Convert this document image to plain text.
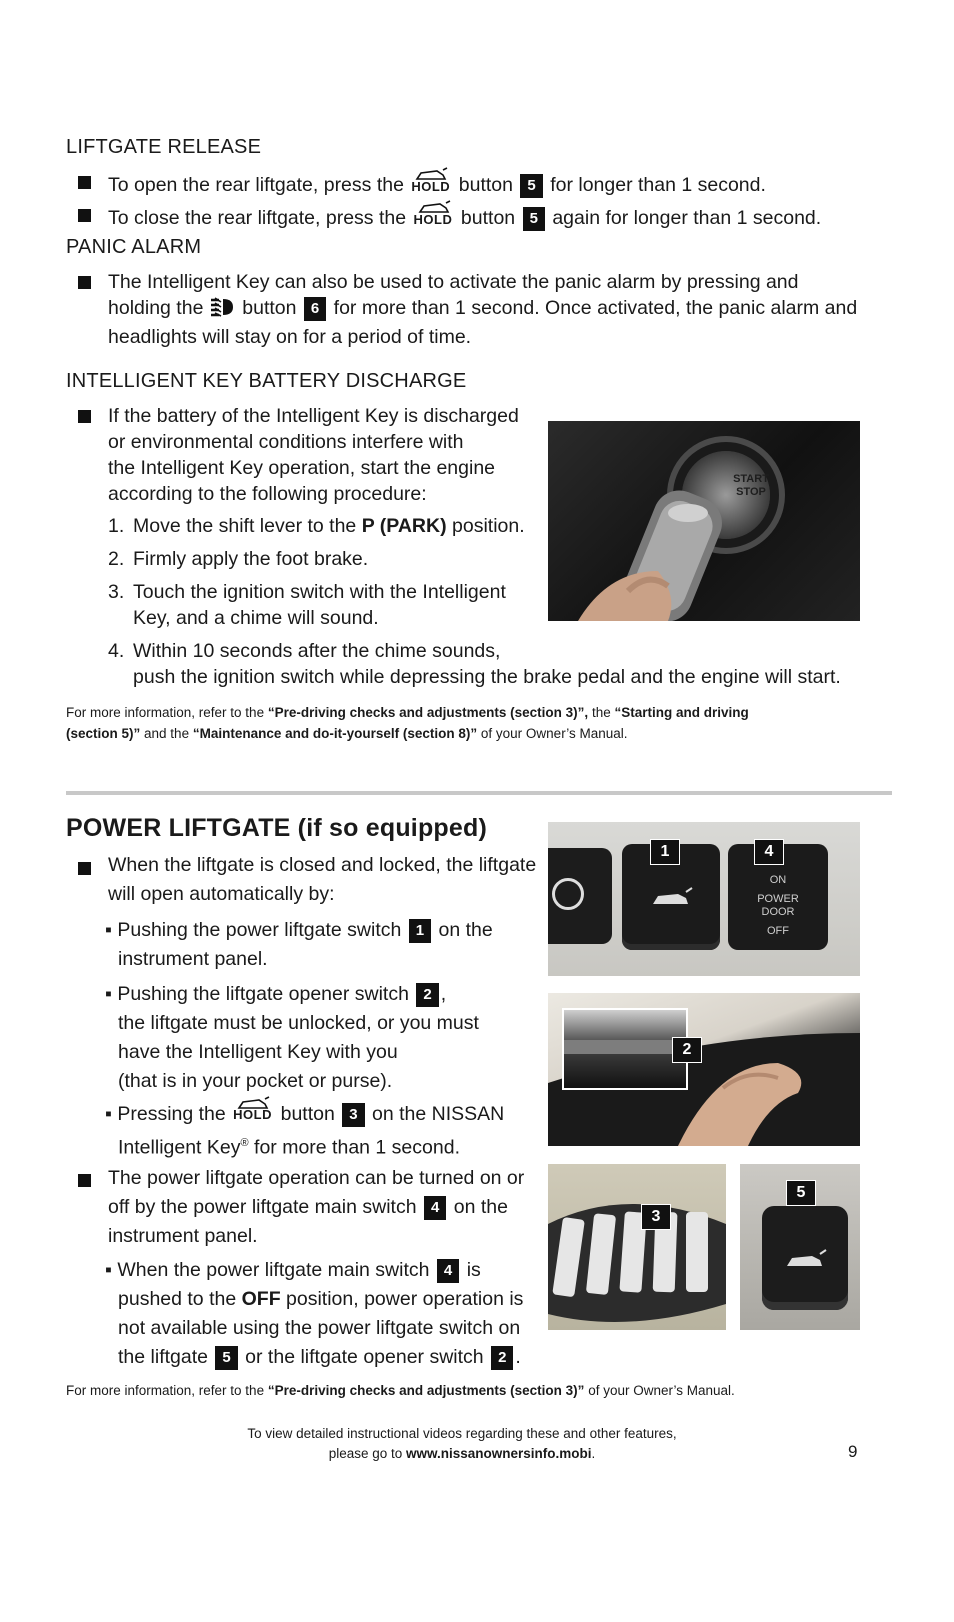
LIFTGATE RELEASE
To open the rear liftgate, press the HOLD button 5 for longer than 1 second.
To close the rear liftgate, press the HOLD button 5 again for longer than 1 second.
PANIC ALARM
The Intelligent Key can also be used to activate the panic alarm by pressing and
holding the button 6 for more than 1 second. Once activated, the panic alarm and
headlights will stay on for a period of time.
INTELLIGENT KEY BATTERY DISCHARGE
If the battery of the Intelligent Key is discharged
or environmental conditions interfere with
the Intelligent Key operation, start the engine
according to the following procedure:
1. Move the shift lever to the P (PARK) position.
2. Firmly apply the foot brake.
3. Touch the ignition switch with the Intelligent
Key, and a chime will sound.
4. Within 10 seconds after the chime sounds,
push the ignition switch while depressing the brake pedal and the engine will start.
START STOP
For more information, refer to the “Pre-driving checks and adjustments (section 3)”, the “Starting and driving
(section 5)” and the “Maintenance and do-it-yourself (section 8)” of your Owner’s Manual.
POWER LIFTGATE (if so equipped)
When the liftgate is closed and locked, the liftgate
will open automatically by:
▪ Pushing the power liftgate switch 1 on the
instrument panel.
▪ Pushing the liftgate opener switch 2 ,
the liftgate must be unlocked, or you must
have the Intelligent Key with you
(that is in your pocket or purse).
▪ Pressing the HOLD button 3 on the NISSAN
Intelligent Key® for more than 1 second.
The power liftgate operation can be turned on or
off by the power liftgate main switch 4 on the
instrument panel.
▪ When the power liftgate main switch 4 is
pushed to the OFF position, power operation is
not available using the power liftgate switch on
the liftgate 5 or the liftgate opener switch 2 .
For more information, refer to the “Pre-driving checks and adjustments (section 3)” of your Owner’s Manual.
ON
POWER
DOOR
OFF
1	4
2
3
5
To view detailed instructional videos regarding these and other features,
please go to www.nissanownersinfo.mobi.	9
